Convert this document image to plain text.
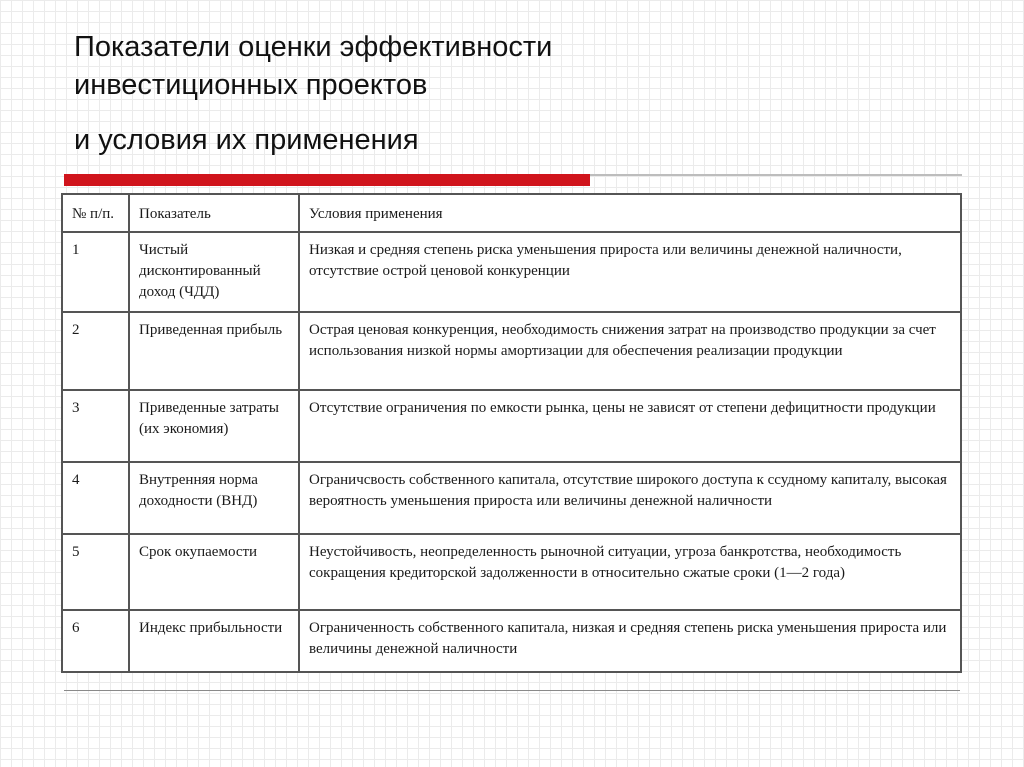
Показатели оценки эффективности
инвестиционных проектов
и условия их применения
№ п/п.	Показатель	Условия применения
1	Чистый дисконтированный доход (ЧДД)	Низкая и средняя степень риска уменьшения прироста или величины денежной наличности, отсутствие острой ценовой конкуренции
2	Приведенная прибыль	Острая ценовая конкуренция, необходимость снижения затрат на производство продукции за счет использования низкой нормы амортизации для обеспечения реализации продукции
3	Приведенные затраты (их экономия)	Отсутствие ограничения по емкости рынка, цены не зависят от степени дефицитности продукции
4	Внутренняя норма доходности (ВНД)	Ограничсвость собственного капитала, отсутствие широкого доступа к ссудному капиталу, высокая вероятность уменьшения прироста или величины денежной наличности
5	Срок окупаемости	Неустойчивость, неопределенность рыночной ситуации, угроза банкротства, необходимость сокращения кредиторской задолженности в относительно сжатые сроки (1—2 года)
6	Индекс прибыльности	Ограниченность собственного капитала, низкая и средняя степень риска уменьшения прироста или величины денежной наличности
